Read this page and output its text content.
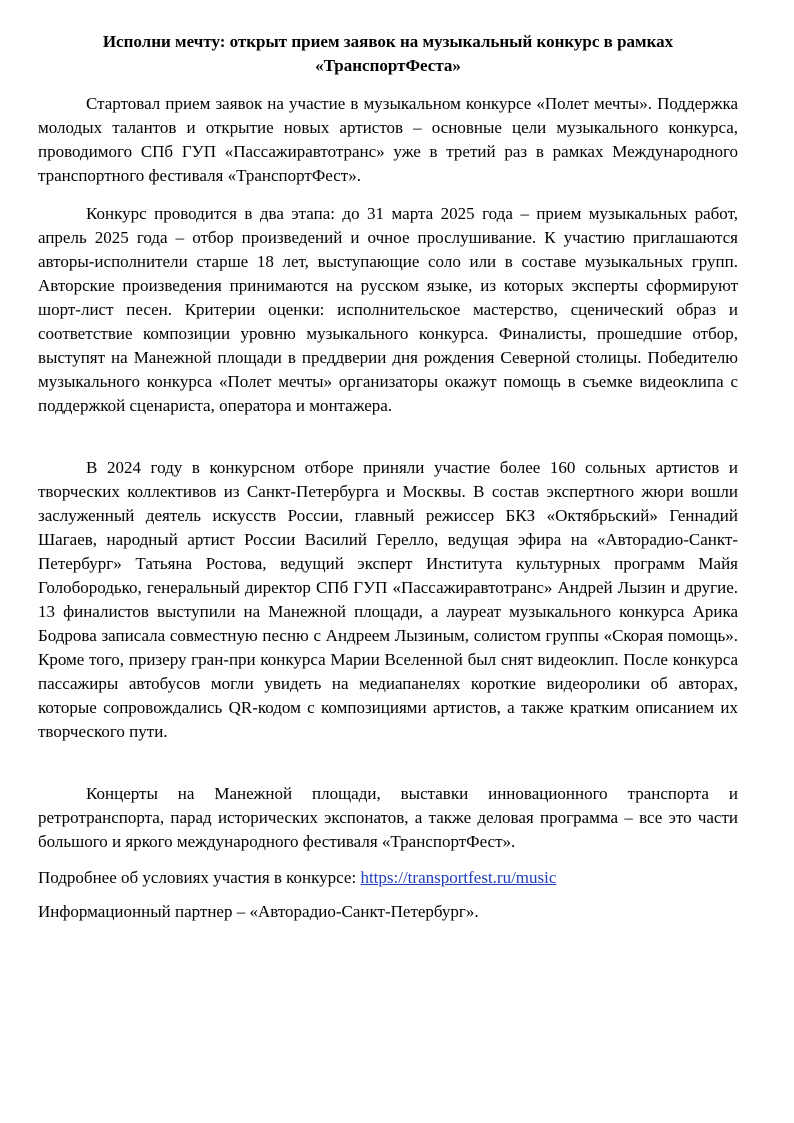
Исполни мечту: открыт прием заявок на музыкальный конкурс в рамках
«ТранспортФеста»

Стартовал прием заявок на участие в музыкальном конкурсе «Полет мечты». Поддержка молодых талантов и открытие новых артистов – основные цели музыкального конкурса, проводимого СПб ГУП «Пассажиравтотранс» уже в третий раз в рамках Международного транспортного фестиваля «ТранспортФест».

Конкурс проводится в два этапа: до 31 марта 2025 года – прием музыкальных работ, апрель 2025 года – отбор произведений и очное прослушивание. К участию приглашаются авторы-исполнители старше 18 лет, выступающие соло или в составе музыкальных групп. Авторские произведения принимаются на русском языке, из которых эксперты сформируют шорт-лист песен. Критерии оценки: исполнительское мастерство, сценический образ и соответствие композиции уровню музыкального конкурса. Финалисты, прошедшие отбор, выступят на Манежной площади в преддверии дня рождения Северной столицы. Победителю музыкального конкурса «Полет мечты» организаторы окажут помощь в съемке видеоклипа с поддержкой сценариста, оператора и монтажера.

В 2024 году в конкурсном отборе приняли участие более 160 сольных артистов и творческих коллективов из Санкт-Петербурга и Москвы. В состав экспертного жюри вошли заслуженный деятель искусств России, главный режиссер БКЗ «Октябрьский» Геннадий Шагаев, народный артист России Василий Герелло, ведущая эфира на «Авторадио-Санкт-Петербург» Татьяна Ростова, ведущий эксперт Института культурных программ Майя Голобородько, генеральный директор СПб ГУП «Пассажиравтотранс» Андрей Лызин и другие. 13 финалистов выступили на Манежной площади, а лауреат музыкального конкурса Арика Бодрова записала совместную песню с Андреем Лызиным, солистом группы «Скорая помощь». Кроме того, призеру гран-при конкурса Марии Вселенной был снят видеоклип. После конкурса пассажиры автобусов могли увидеть на медиапанелях короткие видеоролики об авторах, которые сопровождались QR-кодом с композициями артистов, а также кратким описанием их творческого пути.

Концерты на Манежной площади, выставки инновационного транспорта и ретротранспорта, парад исторических экспонатов, а также деловая программа – все это части большого и яркого международного фестиваля «ТранспортФест».

Подробнее об условиях участия в конкурсе: https://transportfest.ru/music

Информационный партнер – «Авторадио-Санкт-Петербург».
